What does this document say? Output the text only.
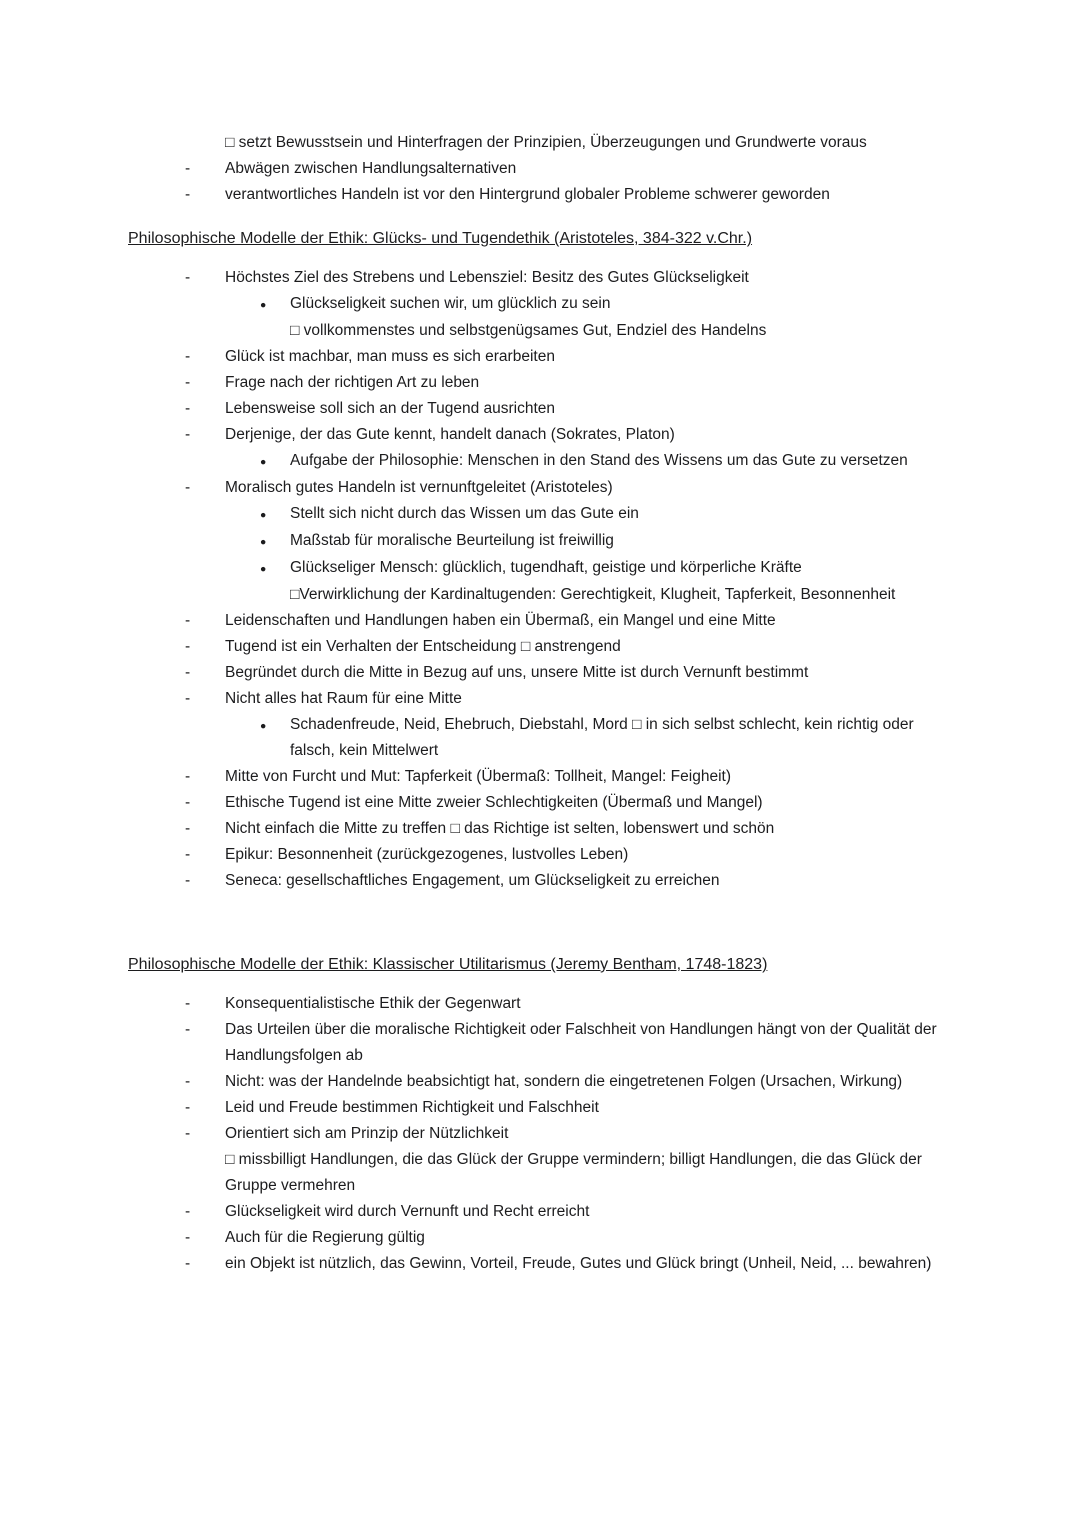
□ setzt Bewusstsein und Hinterfragen der Prinzipien, Überzeugungen und Grundwerte voraus
-	Abwägen zwischen Handlungsalternativen
-	verantwortliches Handeln ist vor den Hintergrund globaler Probleme schwerer geworden
Philosophische Modelle der Ethik: Glücks- und Tugendethik (Aristoteles, 384-322 v.Chr.)
-	Höchstes Ziel des Strebens und Lebensziel: Besitz des Gutes Glückseligkeit
●	Glückseligkeit suchen wir, um glücklich zu sein
□ vollkommenstes und selbstgenügsames Gut, Endziel des Handelns
-	Glück ist machbar, man muss es sich erarbeiten
-	Frage nach der richtigen Art zu leben
-	Lebensweise soll sich an der Tugend ausrichten
-	Derjenige, der das Gute kennt, handelt danach (Sokrates, Platon)
●	Aufgabe der Philosophie: Menschen in den Stand des Wissens um das Gute zu versetzen
-	Moralisch gutes Handeln ist vernunftgeleitet (Aristoteles)
●	Stellt sich nicht durch das Wissen um das Gute ein
●	Maßstab für moralische Beurteilung ist freiwillig
●	Glückseliger Mensch: glücklich, tugendhaft, geistige und körperliche Kräfte
□Verwirklichung der Kardinaltugenden: Gerechtigkeit, Klugheit, Tapferkeit, Besonnenheit
-	Leidenschaften und Handlungen haben ein Übermaß, ein Mangel und eine Mitte
-	Tugend ist ein Verhalten der Entscheidung □ anstrengend
-	Begründet durch die Mitte in Bezug auf uns, unsere Mitte ist durch Vernunft bestimmt
-	Nicht alles hat Raum für eine Mitte
●	Schadenfreude, Neid, Ehebruch, Diebstahl, Mord □ in sich selbst schlecht, kein richtig oder falsch, kein Mittelwert
-	Mitte von Furcht und Mut: Tapferkeit (Übermaß: Tollheit, Mangel: Feigheit)
-	Ethische Tugend ist eine Mitte zweier Schlechtigkeiten (Übermaß und Mangel)
-	Nicht einfach die Mitte zu treffen □ das Richtige ist selten, lobenswert und schön
-	Epikur: Besonnenheit (zurückgezogenes, lustvolles Leben)
-	Seneca: gesellschaftliches Engagement, um Glückseligkeit zu erreichen
Philosophische Modelle der Ethik: Klassischer Utilitarismus (Jeremy Bentham, 1748-1823)
-	Konsequentialistische Ethik der Gegenwart
-	Das Urteilen über die moralische Richtigkeit oder Falschheit von Handlungen hängt von der Qualität der Handlungsfolgen ab
-	Nicht: was der Handelnde beabsichtigt hat, sondern die eingetretenen Folgen (Ursachen, Wirkung)
-	Leid und Freude bestimmen Richtigkeit und Falschheit
-	Orientiert sich am Prinzip der Nützlichkeit
□ missbilligt Handlungen, die das Glück der Gruppe vermindern; billigt Handlungen, die das Glück der Gruppe vermehren
-	Glückseligkeit wird durch Vernunft und Recht erreicht
-	Auch für die Regierung gültig
-	ein Objekt ist nützlich, das Gewinn, Vorteil, Freude, Gutes und Glück bringt (Unheil, Neid, ... bewahren)
